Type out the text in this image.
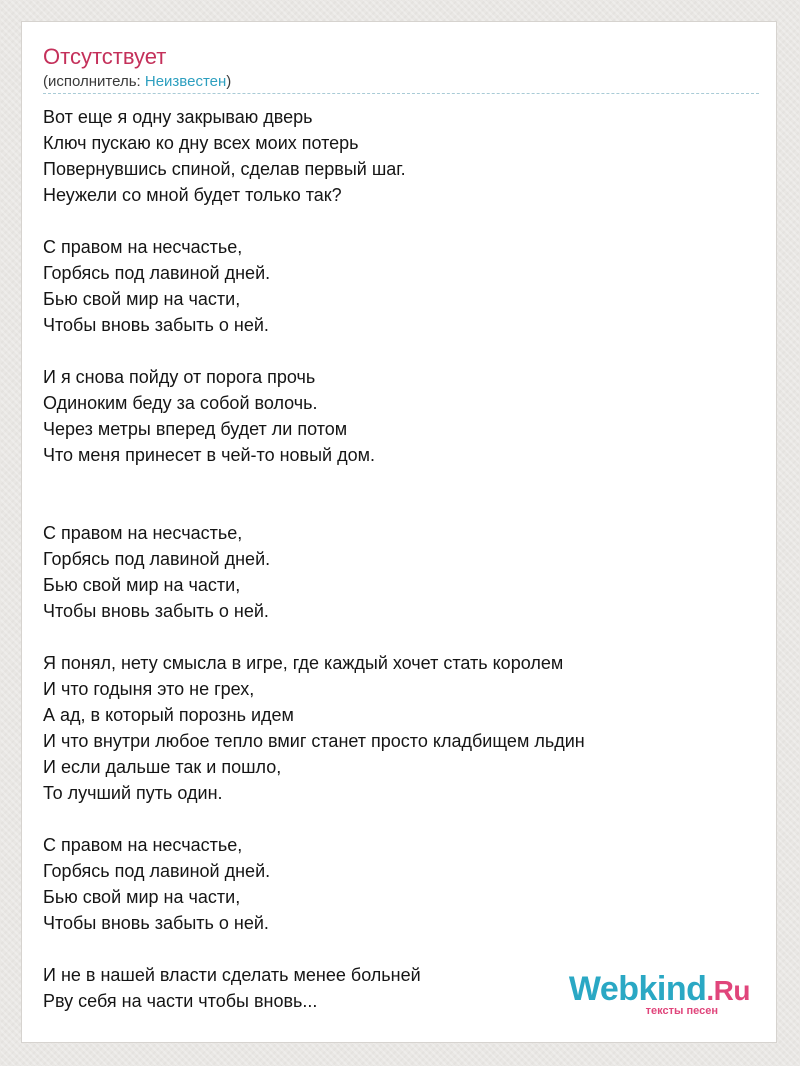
Отсутствует
(исполнитель: Неизвестен)
Вот еще я одну закрываю дверь
Ключ пускаю ко дну всех моих потерь
Повернувшись спиной, сделав первый шаг.
Неужели со мной будет только так?
С правом на несчастье,
Горбясь под лавиной дней.
Бью свой мир на части,
Чтобы вновь забыть о ней.
И я снова пойду от порога прочь
Одиноким беду за собой волочь.
Через метры вперед будет ли потом
Что меня принесет в чей-то новый дом.
С правом на несчастье,
Горбясь под лавиной дней.
Бью свой мир на части,
Чтобы вновь забыть о ней.
Я понял, нету смысла в игре, где каждый хочет стать королем
И что годыня это не грех,
А ад, в который порознь идем
И что внутри любое тепло вмиг станет просто кладбищем льдин
И если дальше так и пошло,
То лучший путь один.
С правом на несчастье,
Горбясь под лавиной дней.
Бью свой мир на части,
Чтобы вновь забыть о ней.
И не в нашей власти сделать менее больней
Рву себя на части чтобы вновь...	Webkind.Ru
тексты песен
